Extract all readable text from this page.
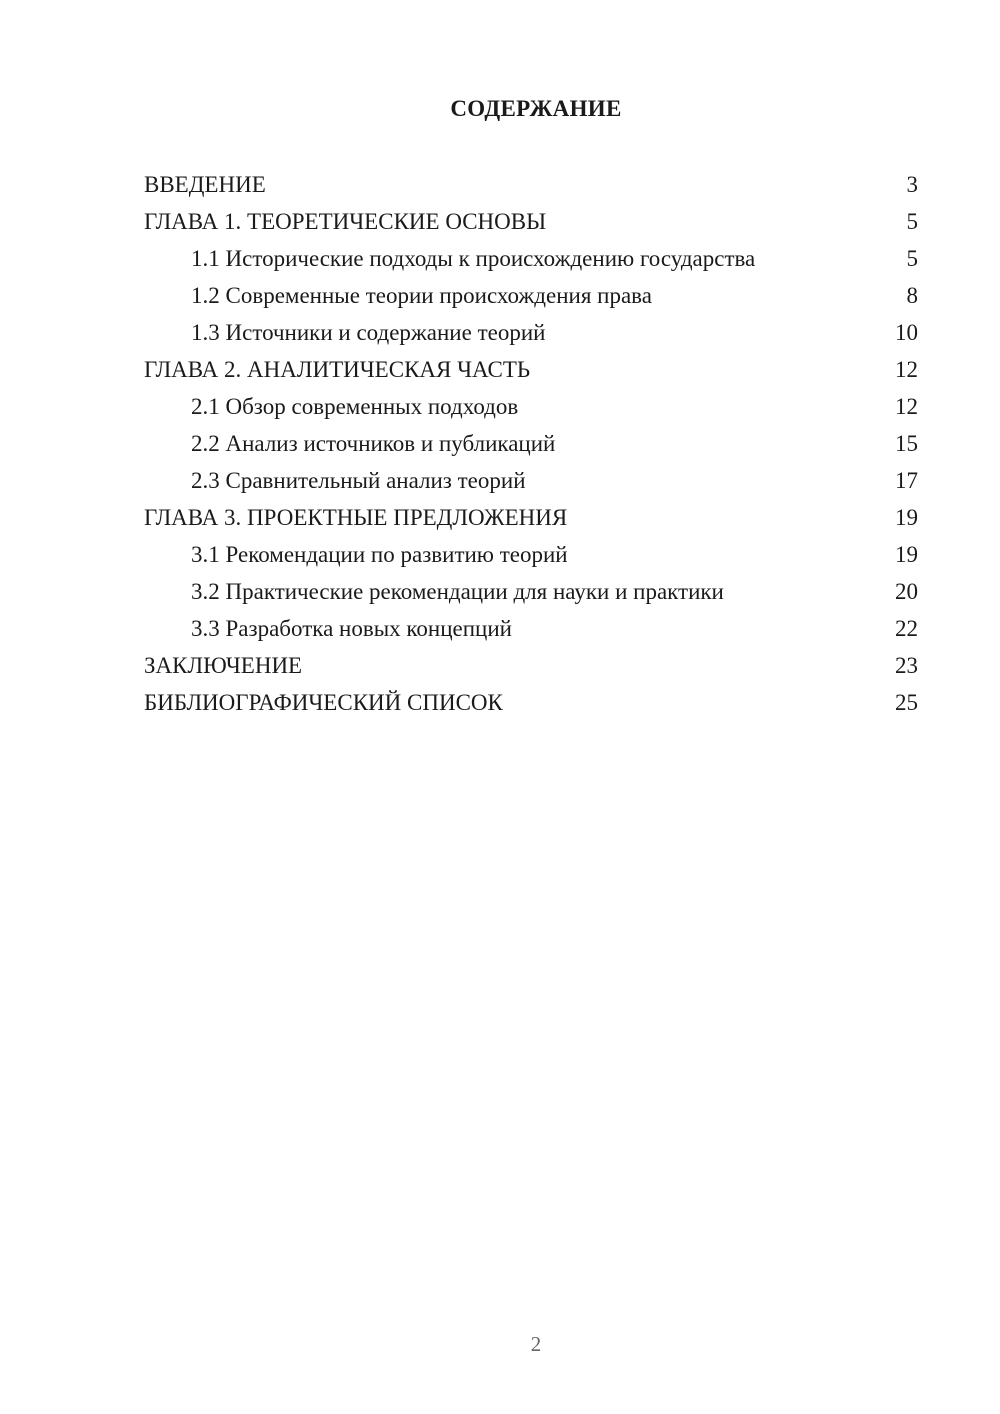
СОДЕРЖАНИЕ
ВВЕДЕНИЕ	3
ГЛАВА 1. ТЕОРЕТИЧЕСКИЕ ОСНОВЫ	5
1.1 Исторические подходы к происхождению государства	5
1.2 Современные теории происхождения права	8
1.3 Источники и содержание теорий	10
ГЛАВА 2. АНАЛИТИЧЕСКАЯ ЧАСТЬ	12
2.1 Обзор современных подходов	12
2.2 Анализ источников и публикаций	15
2.3 Сравнительный анализ теорий	17
ГЛАВА 3. ПРОЕКТНЫЕ ПРЕДЛОЖЕНИЯ	19
3.1 Рекомендации по развитию теорий	19
3.2 Практические рекомендации для науки и практики	20
3.3 Разработка новых концепций	22
ЗАКЛЮЧЕНИЕ	23
БИБЛИОГРАФИЧЕСКИЙ СПИСОК	25
2
